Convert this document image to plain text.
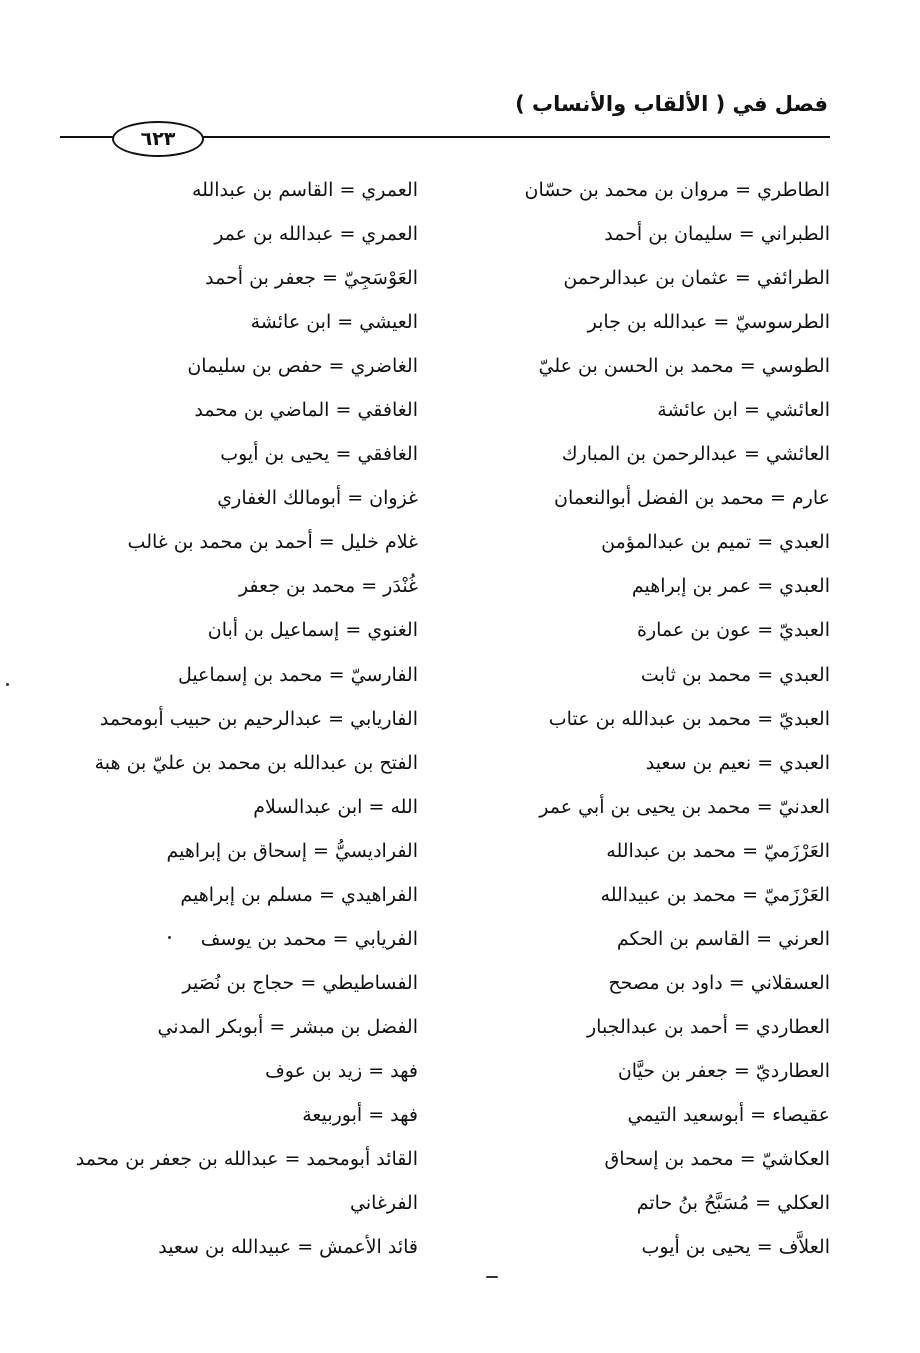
فصل في ( الألقاب والأنساب )
٦٢٣
الطاطري = مروان بن محمد بن حسّان
الطبراني = سليمان بن أحمد
الطرائفي = عثمان بن عبدالرحمن
الطرسوسيّ = عبدالله بن جابر
الطوسي = محمد بن الحسن بن عليّ
العائشي = ابن عائشة
العائشي = عبدالرحمن بن المبارك
عارم = محمد بن الفضل أبوالنعمان
العبدي = تميم بن عبدالمؤمن
العبدي = عمر بن إبراهيم
العبديّ = عون بن عمارة
العبدي = محمد بن ثابت
العبديّ = محمد بن عبدالله بن عتاب
العبدي = نعيم بن سعيد
العدنيّ = محمد بن يحيى بن أبي عمر
العَرْزَميّ = محمد بن عبدالله
العَرْزَميّ = محمد بن عبيدالله
العرني = القاسم بن الحكم
العسقلاني = داود بن مصحح
العطاردي = أحمد بن عبدالجبار
العطارديّ = جعفر بن حيَّان
عقيصاء = أبوسعيد التيمي
العكاشيّ = محمد بن إسحاق
العكلي = مُسَبَّحُ بنُ حاتم
العلاَّف = يحيى بن أيوب
العمري = القاسم بن عبدالله
العمري = عبدالله بن عمر
العَوْسَجِيّ = جعفر بن أحمد
العيشي = ابن عائشة
الغاضري = حفص بن سليمان
الغافقي = الماضي بن محمد
الغافقي = يحيى بن أيوب
غزوان = أبومالك الغفاري
غلام خليل = أحمد بن محمد بن غالب
غُنْدَر = محمد بن جعفر
الغنوي = إسماعيل بن أبان
الفارسيّ = محمد بن إسماعيل
الفاريابي = عبدالرحيم بن حبيب أبومحمد
الفتح بن عبدالله بن محمد بن عليّ بن هبة
الله = ابن عبدالسلام
الفراديسيُّ = إسحاق بن إبراهيم
الفراهيدي = مسلم بن إبراهيم
الفريابي = محمد بن يوسف
الفساطيطي = حجاج بن نُصَير
الفضل بن مبشر = أبوبكر المدني
فهد = زيد بن عوف
فهد = أبوربيعة
القائد أبومحمد = عبدالله بن جعفر بن محمد
الفرغاني
قائد الأعمش = عبيدالله بن سعيد
